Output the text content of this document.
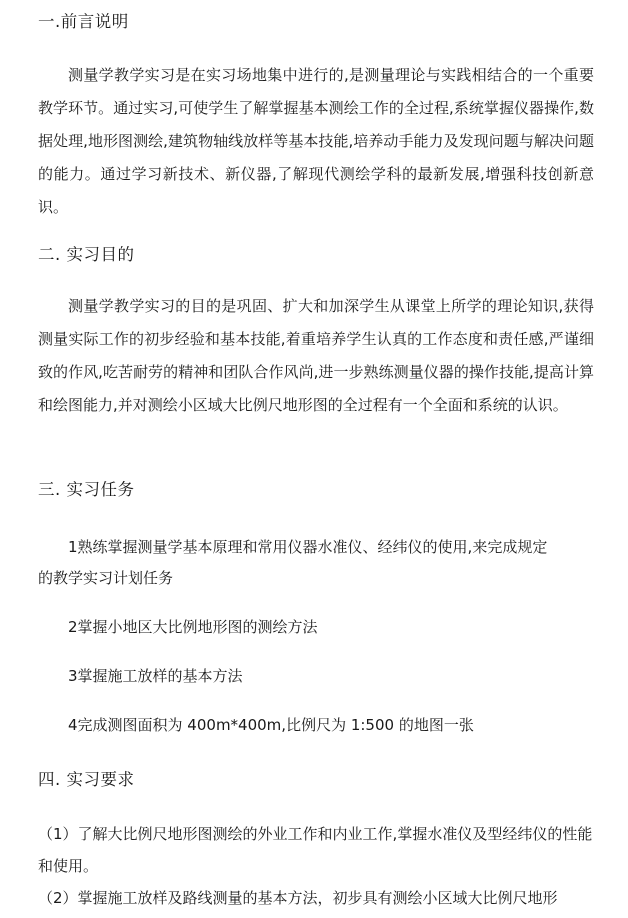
一.前言说明

测量学教学实习是在实习场地集中进行的,是测量理论与实践相结合的一个重要教学环节。通过实习,可使学生了解掌握基本测绘工作的全过程,系统掌握仪器操作,数据处理,地形图测绘,建筑物轴线放样等基本技能,培养动手能力及发现问题与解决问题的能力。通过学习新技术、新仪器,了解现代测绘学科的最新发展,增强科技创新意识。

二. 实习目的

测量学教学实习的目的是巩固、扩大和加深学生从课堂上所学的理论知识,获得测量实际工作的初步经验和基本技能,着重培养学生认真的工作态度和责任感,严谨细致的作风,吃苦耐劳的精神和团队合作风尚,进一步熟练测量仪器的操作技能,提高计算和绘图能力,并对测绘小区域大比例尺地形图的全过程有一个全面和系统的认识。

三. 实习任务
1熟练掌握测量学基本原理和常用仪器水准仪、经纬仪的使用,来完成规定
的教学实习计划任务
2掌握小地区大比例地形图的测绘方法
3掌握施工放样的基本方法
4完成测图面积为 400m*400m,比例尺为 1:500 的地图一张
四. 实习要求

（1）了解大比例尺地形图测绘的外业工作和内业工作,掌握水准仪及型经纬仪的性能和使用。

（2）掌握施工放样及路线测量的基本方法，初步具有测绘小区域大比例尺地形
